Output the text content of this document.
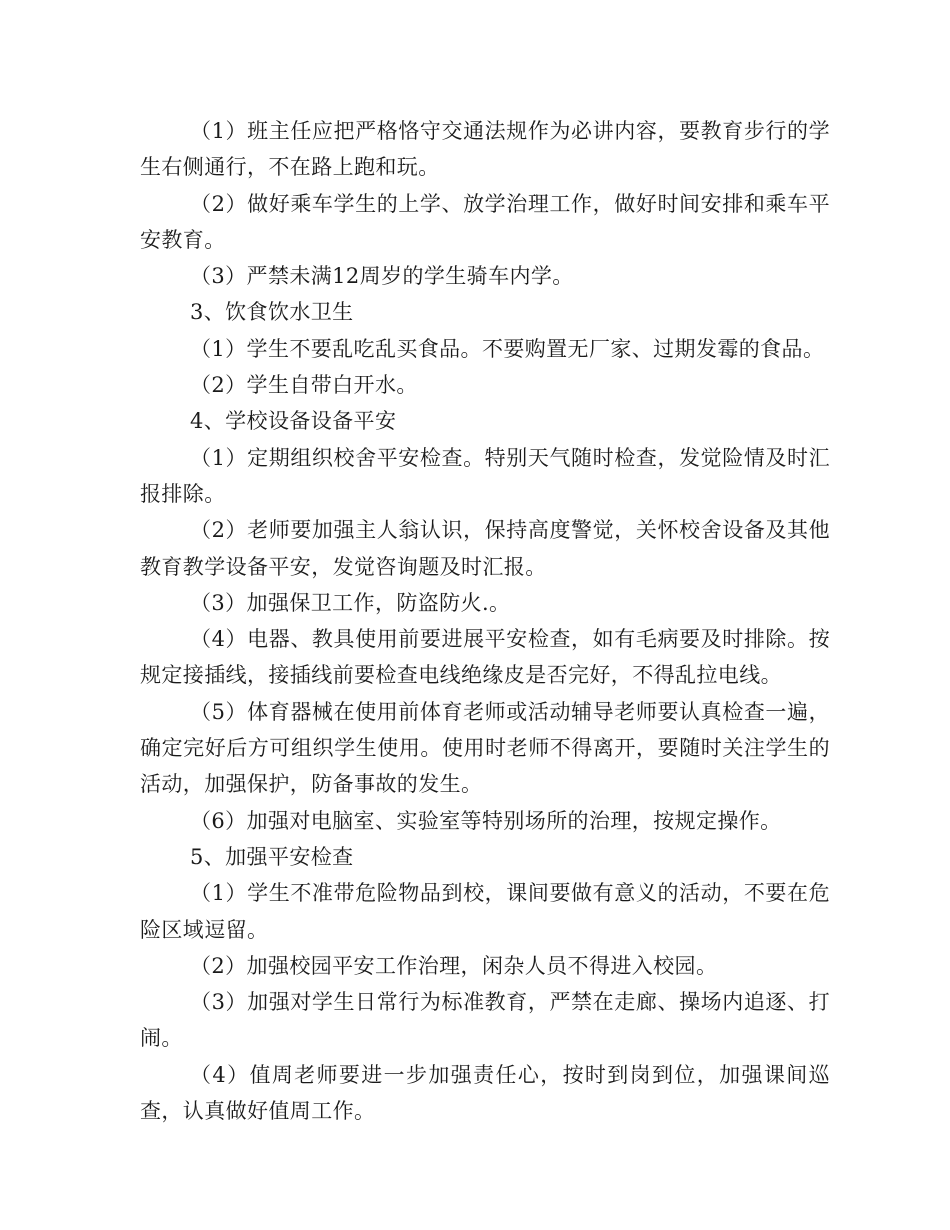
（1）班主任应把严格恪守交通法规作为必讲内容，要教育步行的学生右侧通行，不在路上跑和玩。

（2）做好乘车学生的上学、放学治理工作，做好时间安排和乘车平安教育。

（3）严禁未满12周岁的学生骑车内学。

3、饮食饮水卫生

（1）学生不要乱吃乱买食品。不要购置无厂家、过期发霉的食品。

（2）学生自带白开水。

4、学校设备设备平安

（1）定期组织校舍平安检查。特别天气随时检查，发觉险情及时汇报排除。

（2）老师要加强主人翁认识，保持高度警觉，关怀校舍设备及其他教育教学设备平安，发觉咨询题及时汇报。

（3）加强保卫工作，防盗防火.。

（4）电器、教具使用前要进展平安检查，如有毛病要及时排除。按规定接插线，接插线前要检查电线绝缘皮是否完好，不得乱拉电线。

（5）体育器械在使用前体育老师或活动辅导老师要认真检查一遍，确定完好后方可组织学生使用。使用时老师不得离开，要随时关注学生的活动，加强保护，防备事故的发生。

（6）加强对电脑室、实验室等特别场所的治理，按规定操作。

5、加强平安检查

（1）学生不准带危险物品到校，课间要做有意义的活动，不要在危险区域逗留。

（2）加强校园平安工作治理，闲杂人员不得进入校园。

（3）加强对学生日常行为标准教育，严禁在走廊、操场内追逐、打闹。

（4）值周老师要进一步加强责任心，按时到岗到位，加强课间巡查，认真做好值周工作。
